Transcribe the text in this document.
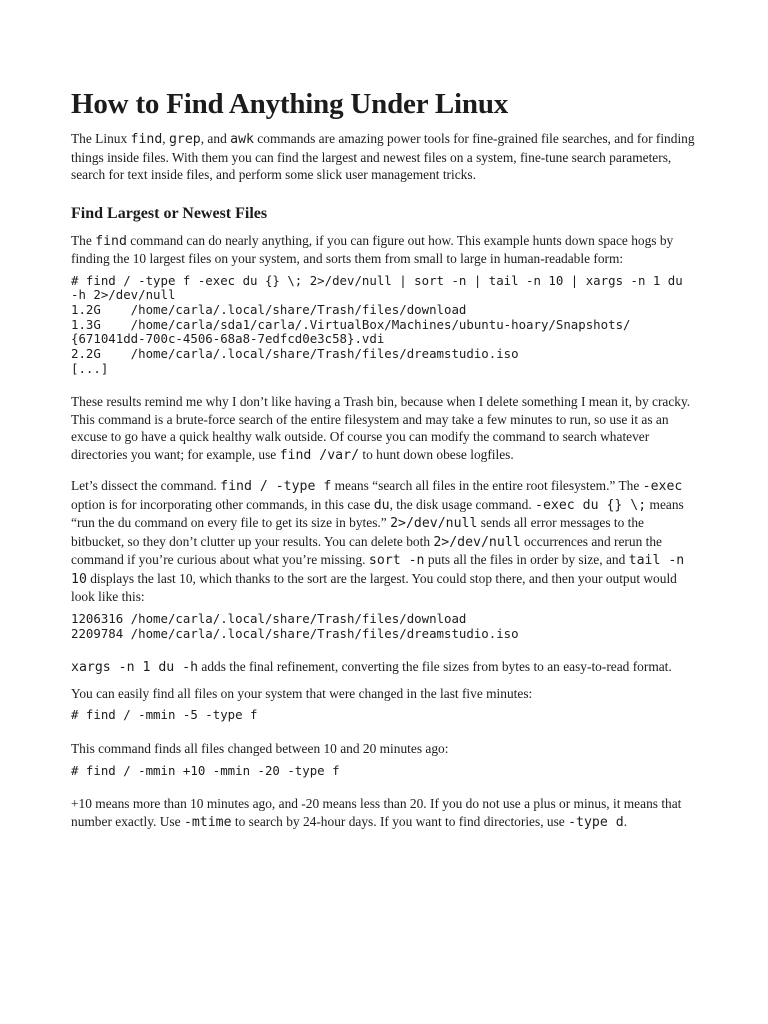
How to Find Anything Under Linux

The Linux find, grep, and awk commands are amazing power tools for fine-grained file searches, and for finding things inside files. With them you can find the largest and newest files on a system, fine-tune search parameters, search for text inside files, and perform some slick user management tricks.

Find Largest or Newest Files

The find command can do nearly anything, if you can figure out how. This example hunts down space hogs by finding the 10 largest files on your system, and sorts them from small to large in human-readable form:

# find / -type f -exec du {} \; 2>/dev/null | sort -n | tail -n 10 | xargs -n 1 du
-h 2>/dev/null
1.2G    /home/carla/.local/share/Trash/files/download
1.3G    /home/carla/sda1/carla/.VirtualBox/Machines/ubuntu-hoary/Snapshots/
{671041dd-700c-4506-68a8-7edfcd0e3c58}.vdi
2.2G    /home/carla/.local/share/Trash/files/dreamstudio.iso
[...]

These results remind me why I don’t like having a Trash bin, because when I delete something I mean it, by cracky. This command is a brute-force search of the entire filesystem and may take a few minutes to run, so use it as an excuse to go have a quick healthy walk outside. Of course you can modify the command to search whatever directories you want; for example, use find /var/ to hunt down obese logfiles.

Let’s dissect the command. find / -type f means “search all files in the entire root filesystem.” The -exec option is for incorporating other commands, in this case du, the disk usage command. -exec du {} \; means “run the du command on every file to get its size in bytes.” 2>/dev/null sends all error messages to the bitbucket, so they don’t clutter up your results. You can delete both 2>/dev/null occurrences and rerun the command if you’re curious about what you’re missing. sort -n puts all the files in order by size, and tail -n 10 displays the last 10, which thanks to the sort are the largest. You could stop there, and then your output would look like this:

1206316 /home/carla/.local/share/Trash/files/download
2209784 /home/carla/.local/share/Trash/files/dreamstudio.iso

xargs -n 1 du -h adds the final refinement, converting the file sizes from bytes to an easy-to-read format.

You can easily find all files on your system that were changed in the last five minutes:

# find / -mmin -5 -type f

This command finds all files changed between 10 and 20 minutes ago:

# find / -mmin +10 -mmin -20 -type f

+10 means more than 10 minutes ago, and -20 means less than 20. If you do not use a plus or minus, it means that number exactly. Use -mtime to search by 24-hour days. If you want to find directories, use -type d.
